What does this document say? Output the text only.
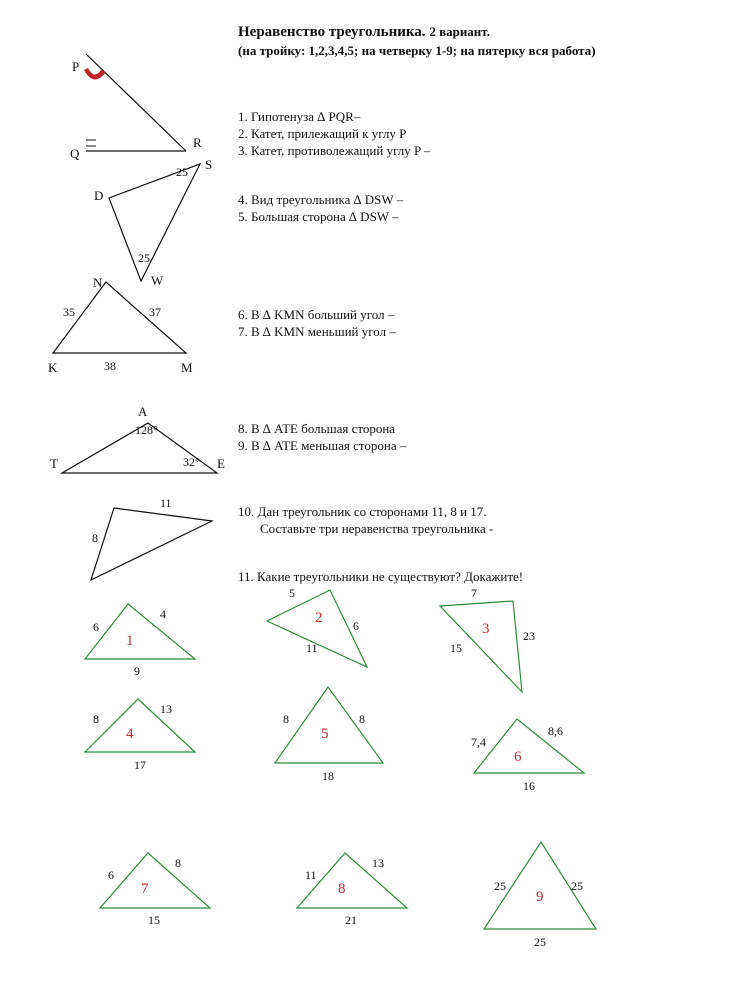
Неравенство треугольника. 2 вариант.
(на тройку: 1,2,3,4,5; на четверку 1-9; на пятерку вся работа)
1. Гипотенуза ∆ PQR–
2. Катет, прилежащий к углу P
3. Катет, противолежащий углу P –
4. Вид треугольника ∆ DSW –
5. Большая сторона ∆ DSW –
6. В ∆ KMN больший угол –
7. В ∆ KMN меньший угол –
8. В ∆ ATE большая сторона
9. В ∆ ATE меньшая сторона –
10. Дан треугольник со сторонами 11, 8 и 17.
Составьте три неравенства треугольника -
11. Какие треугольники не существуют? Докажите!
P
Q
R
D
S
W
25
25
N
K	M
35	37
38
A
T	E
128°
32°
11
8
1
6
4
9
2
5
6
11
3
7
15
23
4
8
13
17
5
8	8
18
6
7,4
8,6
16
7
6
8
15
8
11
13
21
9
25	25
25
